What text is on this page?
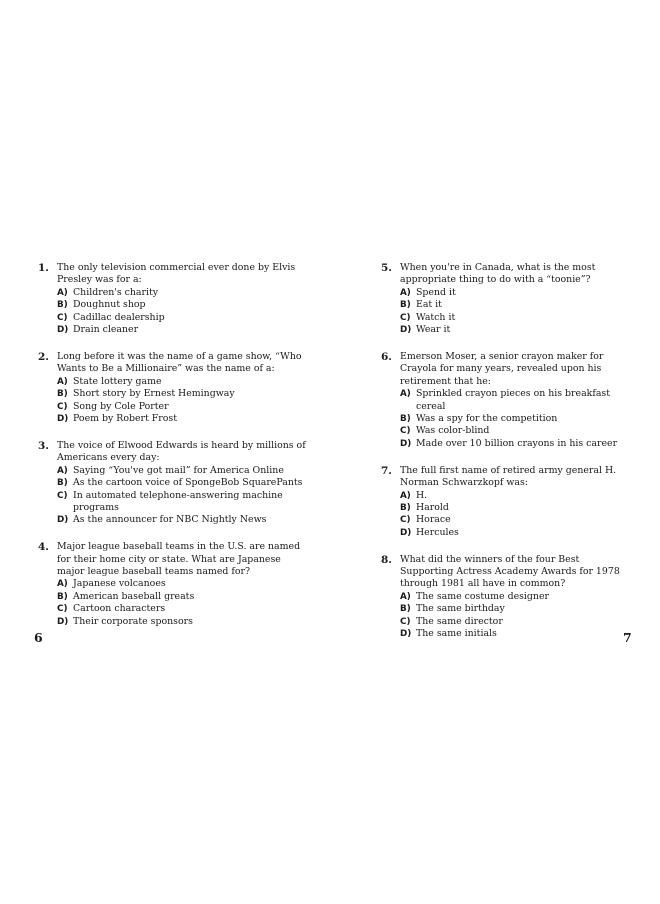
1. The only television commercial ever done by Elvis Presley was for a:
A) Children's charity
B) Doughnut shop
C) Cadillac dealership
D) Drain cleaner
2. Long before it was the name of a game show, “Who Wants to Be a Millionaire” was the name of a:
A) State lottery game
B) Short story by Ernest Hemingway
C) Song by Cole Porter
D) Poem by Robert Frost
3. The voice of Elwood Edwards is heard by millions of Americans every day:
A) Saying “You've got mail” for America Online
B) As the cartoon voice of SpongeBob SquarePants
C) In automated telephone-answering machine programs
D) As the announcer for NBC Nightly News
4. Major league baseball teams in the U.S. are named for their home city or state. What are Japanese major league baseball teams named for?
A) Japanese volcanoes
B) American baseball greats
C) Cartoon characters
D) Their corporate sponsors
5. When you're in Canada, what is the most appropriate thing to do with a “toonie”?
A) Spend it
B) Eat it
C) Watch it
D) Wear it
6. Emerson Moser, a senior crayon maker for Crayola for many years, revealed upon his retirement that he:
A) Sprinkled crayon pieces on his breakfast cereal
B) Was a spy for the competition
C) Was color-blind
D) Made over 10 billion crayons in his career
7. The full first name of retired army general H. Norman Schwarzkopf was:
A) H.
B) Harold
C) Horace
D) Hercules
8. What did the winners of the four Best Supporting Actress Academy Awards for 1978 through 1981 all have in common?
A) The same costume designer
B) The same birthday
C) The same director
D) The same initials
6	7
